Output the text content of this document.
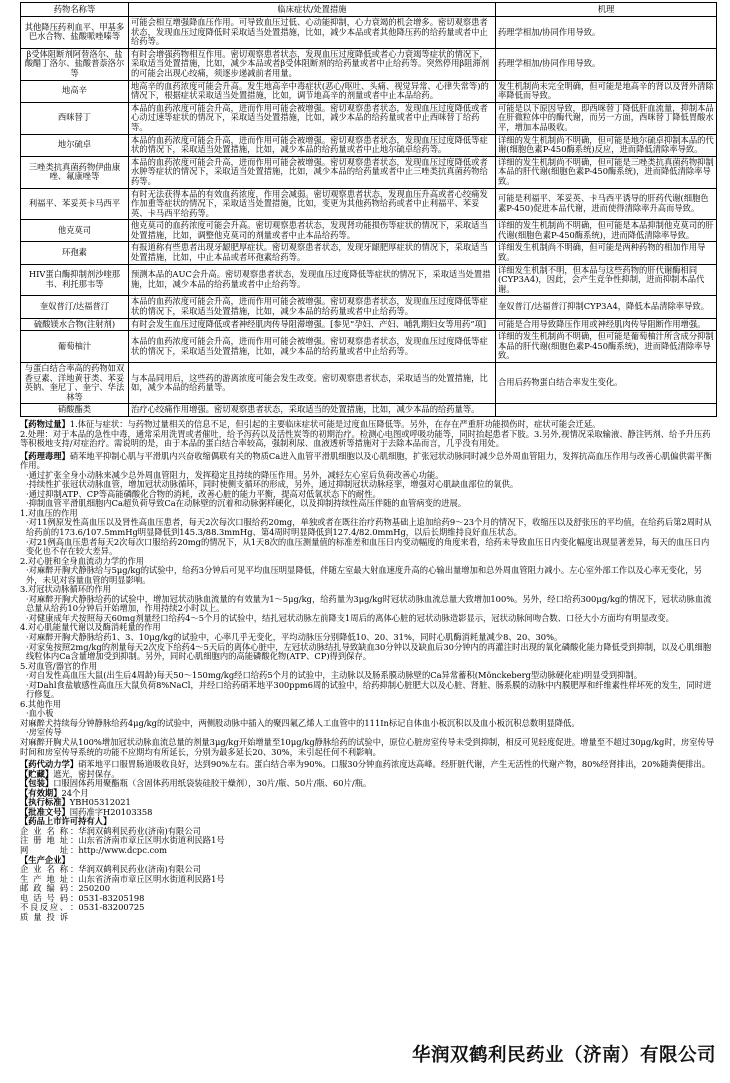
药物名称等	临床症状/处置措施	机理
其他降压药利血平、甲基多巴水合物、盐酸哌唑嗪等	可能会相互增强降血压作用。可导致血压过低、心动能抑制，心力衰竭的机会增多。密切观察患者状态，发现血压过度降低时采取适当处置措施，比如，减少本品或者其他降压药的给药量或者中止给药等。	药理学相加/协同作用导致。
β受体阻断剂阿替洛尔、盐酸醋丁洛尔、盐酸普萘洛尔等	有时会增强药物相互作用。密切观察患者状态，发现血压过度降低或者心力衰竭等症状的情况下，采取适当处置措施，比如，减少本品或者β受体阻断剂的给药量或者中止给药等。突然停用β阻滞剂的可能会出现心绞痛，须逐步递减前者用量。	药理学相加/协同作用导致。
地高辛	地高辛的血药浓度可能会升高。发生地高辛中毒症状(恶心/呕吐、头痛、视觉异常、心律失常等)的情况下，根据症状采取适当处置措施，比如，调节地高辛的剂量或者中止本品给药。	发生机制尚未完全明确，但可能是地高辛的肾以及肾外清除率降低而导致。
西咪替丁	本品的血药浓度可能会升高，进而作用可能会被增强。密切观察患者状态，发现血压过度降低或者心动过速等症状的情况下，采取适当处置措施，比如，减少本品的给药量或者中止西咪替丁给药等。	可能是以下原因导致，即西咪替丁降低肝血流量，抑制本品在肝微粒体中的酶代谢，而另一方面，西咪替丁降低胃酸水平，增加本品吸收。
地尔硫卓	本品的血药浓度可能会升高，进而作用可能会被增强。密切观察患者状态，发现血压过度降低等症状的情况下，采取适当处置措施，比如，减少本品的给药量或者中止地尔硫卓给药等。	详细的发生机制尚不明确，但可能是地尔硫卓抑制本品的代谢(细胞色素P-450酶系统)反应，进而降低清除率导致。
三唑类抗真菌药物伊曲康唑、氟康唑等	本品的血药浓度可能会升高，进而作用可能会被增强。密切观察患者状态，发现血压过度降低或者水肿等症状的情况下，采取适当处置措施，比如，减少本品的给药量或者中止三唑类抗真菌药物给药等。	详细的发生机制尚不明确，但可能是三唑类抗真菌药物抑制本品的肝代谢(细胞色素P-450酶系统)，进而降低清除率导致。
利福平、苯妥英卡马西平	有时无法获得本品的有效血药浓度，作用会减弱。密切观察患者状态，发现血压升高或者心绞痛发作加重等症状的情况下，采取适当处置措施，比如，变更为其他药物给药或者中止利福平、苯妥英、卡马西平给药等。	可能是利福平、苯妥英、卡马西平诱导的肝药代谢(细胞色素P-450)促进本品代谢，进而使得清除率升高而导致。
他克莫司	他克莫司的血药浓度可能会升高。密切观察患者状态，发现肾功能损伤等症状的情况下，采取适当处置措施，比如，调整他克莫司的剂量或者中止本品给药等。	详细的发生机制尚不明确，但可能是本品抑制他克莫司的肝代谢(细胞色素P-450酶系统)，进而降低清除率导致。
环孢素	有报道称有些患者出现牙龈肥厚症状。密切观察患者状态，发现牙龈肥厚症状的情况下，采取适当处置措施，比如，中止本品或者环孢素给药等。	详细发生机制尚不明确，但可能是两种药物的相加作用导致。
HIV蛋白酶抑制剂沙喹那韦、利托那韦等	预测本品的AUC会升高。密切观察患者状态，发现血压过度降低等症状的情况下，采取适当处置措施，比如，减少本品的给药量或者中止给药等。	详细发生机制不明，但本品与这些药物的肝代谢酶相同(CYP3A4)，因此，会产生竞争性抑制，进而抑制本品代谢。
奎奴普汀/达福普汀	本品的血药浓度可能会升高，进而作用可能会被增强。密切观察患者状态，发现血压过度降低等症状的情况下，采取适当处置措施，比如，减少本品的给药量或者中止给药等。	奎奴普汀/达福普汀抑制CYP3A4，降低本品清除率导致。
硫酸镁水合物(注射剂)	有时会发生血压过度降低或者神经肌肉传导阻滞增强。[参见“孕妇、产妇、哺乳期妇女等用药”项]	可能是合用导致降压作用或神经肌肉传导阻断作用增强。
葡萄柚汁	本品的血药浓度可能会升高，进而作用可能会被增强。密切观察患者状态，发现血压过度降低等症状的情况下，采取适当处置措施，比如，减少本品的给药量或者中止给药等。	详细的发生机制尚不明确，但可能是葡萄柚汁所含成分抑制本品的肝代谢(细胞色素P-450酶系统)，进而降低清除率导致。
与蛋白结合率高的药物如双香豆素、洋地黄苷类、苯妥英钠、奎尼丁、奎宁、华法林等	与本品同用后，这些药的游离浓度可能会发生改变。密切观察患者状态，采取适当的处置措施，比如，减少本品的给药量等。	合用后药物蛋白结合率发生变化。
硝酸酯类	治疗心绞痛作用增强。密切观察患者状态，采取适当的处置措施，比如，减少本品的给药量等。	

【药物过量】1.体征与症状：与药物过量相关的信息不足，但引起的主要临床症状可能是过度血压降低等。另外，在存在严重肝功能损伤时，症状可能会迁延。

2.处理：对于本品的急性中毒，通常采用洗胃或者催吐，给予泻药以及活性炭等的初期治疗。检测心电图或呼吸功能等，同时抬起患者下肢。3.另外,视情况采取输液、静注钙剂、给予升压药等积极地支持/对症治疗。需说明的是，由于本品的蛋白结合率较高，强制利尿、血液透析等措施对于去除本品而言，几乎没有用处。

【药理毒理】硝苯地平抑制心肌与平滑肌内兴奋收缩偶联有关的物质Ca进入血管平滑肌细胞以及心肌细胞，扩张冠状动脉同时减少总外周血管阻力，发挥抗高血压作用与改善心肌偏供需平衡作用。

·通过扩张全身小动脉来减少总外周血管阻力，发挥稳定且持续的降压作用。另外，减轻左心室后负荷改善心功能。

·持续性扩张冠状动脉血管，增加冠状动脉循环，同时使侧支循环的形成，另外，通过抑制冠状动脉痉挛，增强对心肌缺血部位的氧供。

·通过抑制ATP、CP等高能磷酸化合物的消耗，改善心脏的能力平衡，提高对低氧状态下的耐性。

·抑制血管平滑肌细胞内Ca超负荷导致Ca在动脉壁的沉着和动脉粥样硬化，以及抑制持续性高压伴随的血管病变的进展。

1.对血压的作用

·对11例原发性高血压以及肾性高血压患者，每天2次每次口服给药20mg，单独或者在既往治疗药物基础上追加给药9～23个月的情况下，收缩压以及舒张压的平均值，在给药后第2周时从给药前的173.6/107.5mmHg明显降低到145.3/88.3mmHg、第4周时明显降低到127.4/82.0mmHg，以后长期维持良好血压状态。

·对21例高血压患者每天2次每次口服给药20mg的情况下，从1天8次的血压测量值的标准差和血压日内变动幅度的角度来看，给药未导致血压日内变化幅度出现显著差异，每天的血压日内变化也不存在较大差异。

2.对心脏和全身血流动力学的作用

·对麻醉开胸犬静脉给与5μg/kg的试验中，给药3分钟后可见平均血压明显降低，伴随左室最大射血速度升高的心输出量增加和总外周血管阻力减小。左心室外部工作以及心率无变化，另外，未见对容量血管的明显影响。

3.对冠状动脉循环的作用

·对麻醉开胸犬静脉给药的试验中，增加冠状动脉血流量的有效量为1～5μg/kg，给药量为3μg/kg时冠状动脉血流总量大致增加100%。另外，经口给药300μg/kg的情况下，冠状动脉血流总量从给药10分钟后开始增加，作用持续2小时以上。

·对健康成年犬按照每天60mg剂量经口给药4～5个月的试验中，结扎冠状动脉左前降支1周后的离体心脏的冠状动脉造影显示，冠状动脉间吻合数、口径大小方面均有明显改变。

4.对心肌能量代谢以及酶消耗量的作用

·对麻醉开胸犬静脉给药1、3、10μg/kg的试验中，心率几乎无变化，平均动脉压分别降低10、20、31%，同时心肌酶消耗量减少8、20、30%。

·对家兔按照2mg/kg的剂量每天2次皮下给药4～5天后的离体心脏中，左冠状动脉结扎导致缺血30分钟以及缺血后30分钟内的再灌注时出现的氧化磷酸化能力降低受到抑制，以及心肌细胞线粒体内Ca含量增加受到抑制。另外，同时心肌细胞内的高能磷酸化物(ATP、CP)得到保存。

5.对血管/器官的作用

·对自发性高血压大鼠(出生后4周龄)每天50～150mg/kg经口给药5个月的试验中，主动脉以及肠系膜动脉壁的Ca异常蓄积(Mönckeberg型动脉硬化症)明显受到抑制。

·对Dahl食盐敏感性高血压大鼠负荷8%NaCl，并经口给药硝苯地平300ppm6周的试验中，给药抑制心脏肥大以及心脏、肾脏、肠系膜的动脉中内膜肥厚和纤维素性样坏死的发生，同时进行修复。

6.其他作用

·血小板

对麻醉犬持续每分钟静脉给药4μg/kg的试验中，两侧股动脉中插入的聚四氟乙烯人工血管中的111In标记自体血小板沉积以及血小板沉积总数明显降低。

·房室传导

对麻醉开胸犬从100%增加冠状动脉血流总量的剂量3μg/kg开始增量至10μg/kg静脉给药的试验中，原位心脏房室传导未受到抑制，相反可见轻度促进。增量至不超过30μg/kg时，房室传导时间和房室传导系统的功能不应期均有所延长，分别为最多延长20、30%，未引起任何不利影响。

【药代动力学】硝苯地平口服胃肠道吸收良好，达到90%左右。蛋白结合率为90%。口服30分钟血药浓度达高峰。经肝脏代谢，产生无活性的代谢产物，80%经肾排出，20%随粪便排出。

【贮藏】遮光，密封保存。

【包装】口服固体药用聚酯瓶（含固体药用纸袋装硅胶干燥剂），30片/瓶、50片/瓶、60片/瓶。

【有效期】24个月

【执行标准】YBH05312021

【批准文号】国药准字H20103358

【药品上市许可持有人】

企业名称 ： 华润双鹤利民药业(济南)有限公司
注册地址 ： 山东省济南市章丘区明水街道利民路1号
网　址 ： http://www.dcpc.com

【生产企业】

企业名称 ： 华润双鹤利民药业(济南)有限公司
生产地址 ： 山东省济南市章丘区明水街道利民路1号
邮政编码 ： 250200
电话号码 ： 0531-83205198
不良反应、质量投诉
： 0531-83200725
华润双鹤利民药业（济南）有限公司
